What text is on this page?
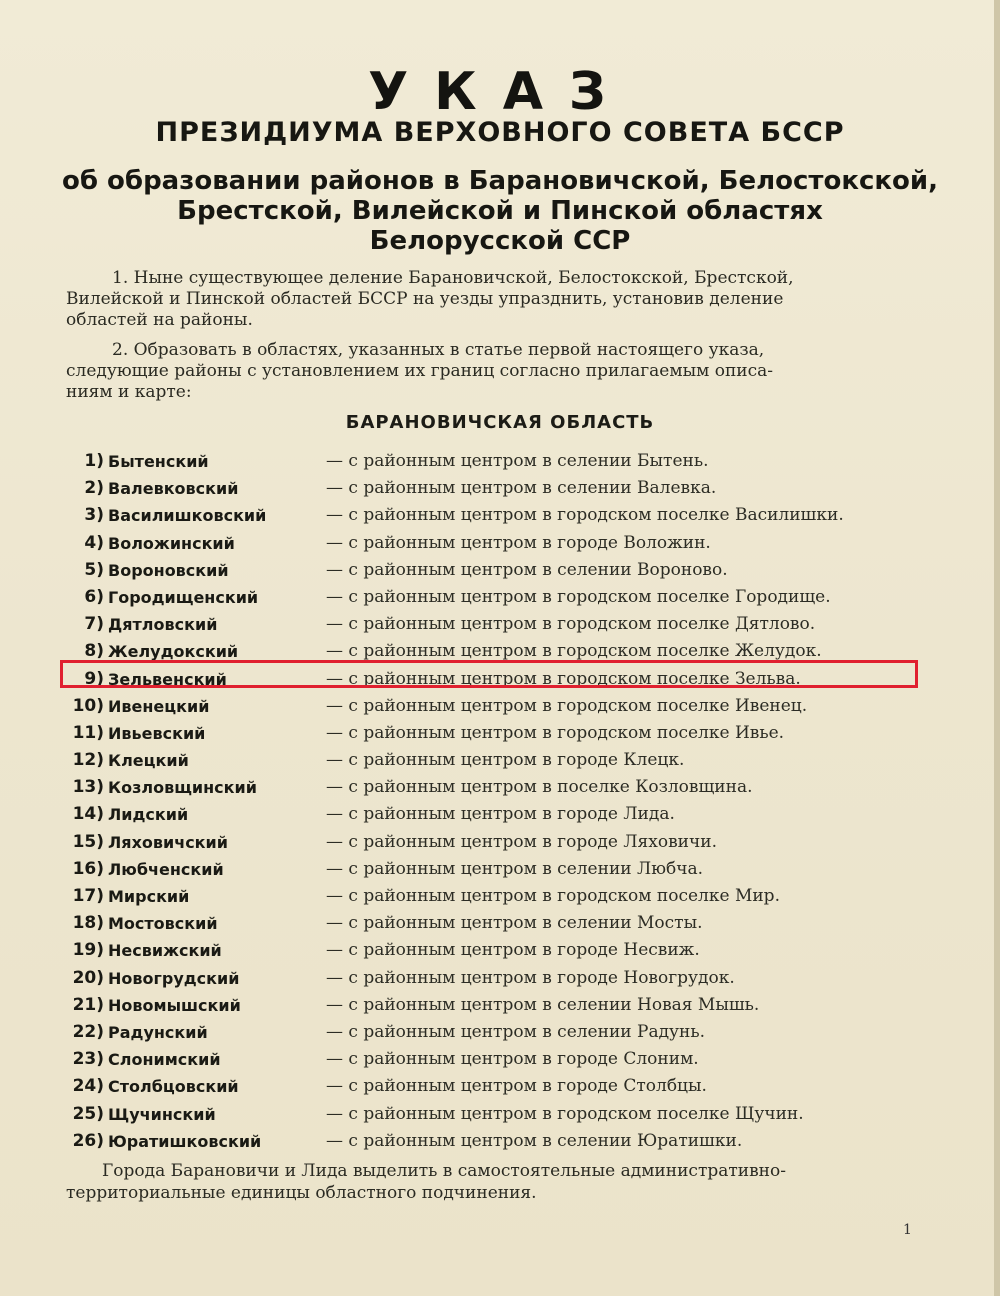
УКАЗ
ПРЕЗИДИУМА ВЕРХОВНОГО СОВЕТА БССР
об образовании районов в Барановичской, Белостокской,
Брестской, Вилейской и Пинской областях
Белорусской ССР
1. Ныне существующее деление Барановичской, Белостокской, Брестской,
Вилейской и Пинской областей БССР на уезды упразднить, установив деление
областей на районы.
2. Образовать в областях, указанных в статье первой настоящего указа,
следующие районы с установлением их границ согласно прилагаемым описа-
ниям и карте:
БАРАНОВИЧСКАЯ ОБЛАСТЬ
1) Бытенский	— с районным центром в селении Бытень.
2) Валевковский	— с районным центром в селении Валевка.
3) Василишковский	— с районным центром в городском поселке Василишки.
4) Воложинский	— с районным центром в городе Воложин.
5) Вороновский	— с районным центром в селении Вороново.
6) Городищенский	— с районным центром в городском поселке Городище.
7) Дятловский	— с районным центром в городском поселке Дятлово.
8) Желудокский	— с районным центром в городском поселке Желудок.
9) Зельвенский	— с районным центром в городском поселке Зельва.
10) Ивенецкий	— с районным центром в городском поселке Ивенец.
11) Ивьевский	— с районным центром в городском поселке Ивье.
12) Клецкий	— с районным центром в городе Клецк.
13) Козловщинский	— с районным центром в поселке Козловщина.
14) Лидский	— с районным центром в городе Лида.
15) Ляховичский	— с районным центром в городе Ляховичи.
16) Любченский	— с районным центром в селении Любча.
17) Мирский	— с районным центром в городском поселке Мир.
18) Мостовский	— с районным центром в селении Мосты.
19) Несвижский	— с районным центром в городе Несвиж.
20) Новогрудский	— с районным центром в городе Новогрудок.
21) Новомышский	— с районным центром в селении Новая Мышь.
22) Радунский	— с районным центром в селении Радунь.
23) Слонимский	— с районным центром в городе Слоним.
24) Столбцовский	— с районным центром в городе Столбцы.
25) Щучинский	— с районным центром в городском поселке Щучин.
26) Юратишковский	— с районным центром в селении Юратишки.
Города Барановичи и Лида выделить в самостоятельные административно-
территориальные единицы областного подчинения.
1
